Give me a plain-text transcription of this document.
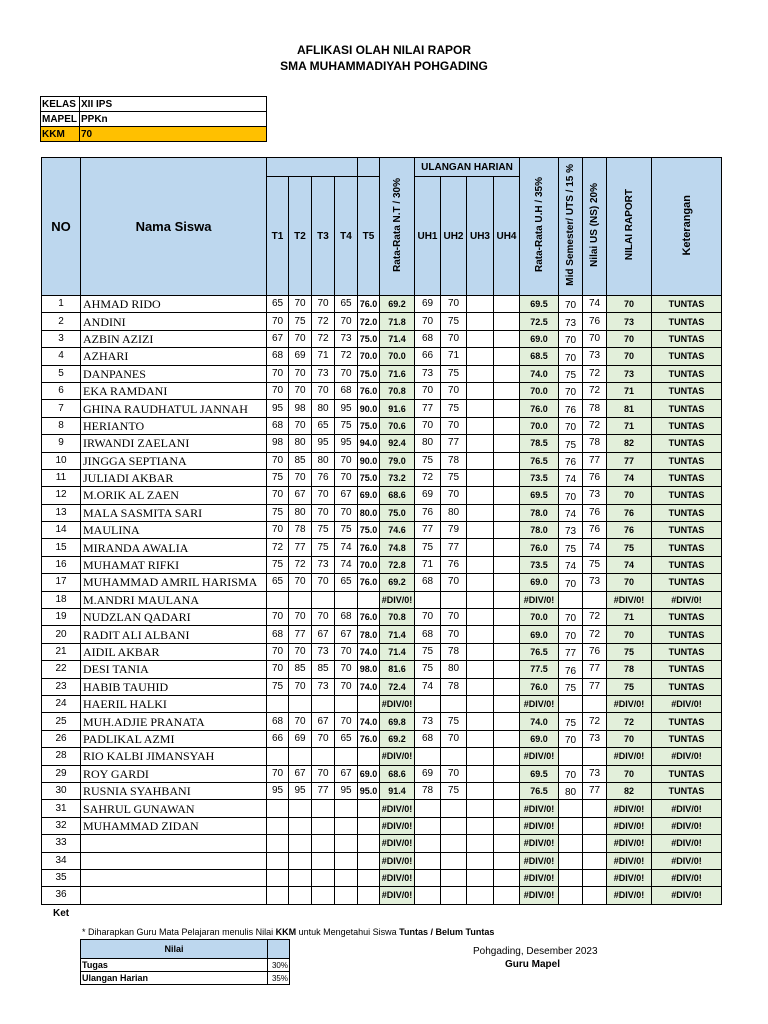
AFLIKASI OLAH NILAI RAPOR
SMA MUHAMMADIYAH POHGADING
KELAS	XII IPS
MAPEL	PPKn
KKM	70
NO	Nama Siswa						Rata-Rata N.T / 30%	ULANGAN HARIAN				Rata-Rata U.H / 35%	Mid Semester/ UTS / 15 %	Nilai US (NS) 20%	NILAI RAPORT	Keterangan
		T1	T2	T3	T4	T5		UH1	UH2	UH3	UH4					
1	AHMAD RIDO	65	70	70	65	76.0	69.2	69	70			69.5	70	74	70	TUNTAS
2	ANDINI	70	75	72	70	72.0	71.8	70	75			72.5	73	76	73	TUNTAS
3	AZBIN AZIZI	67	70	72	73	75.0	71.4	68	70			69.0	70	70	70	TUNTAS
4	AZHARI	68	69	71	72	70.0	70.0	66	71			68.5	70	73	70	TUNTAS
5	DANPANES	70	70	73	70	75.0	71.6	73	75			74.0	75	72	73	TUNTAS
6	EKA RAMDANI	70	70	70	68	76.0	70.8	70	70			70.0	70	72	71	TUNTAS
7	GHINA RAUDHATUL JANNAH	95	98	80	95	90.0	91.6	77	75			76.0	76	78	81	TUNTAS
8	HERIANTO	68	70	65	75	75.0	70.6	70	70			70.0	70	72	71	TUNTAS
9	IRWANDI ZAELANI	98	80	95	95	94.0	92.4	80	77			78.5	75	78	82	TUNTAS
10	JINGGA SEPTIANA	70	85	80	70	90.0	79.0	75	78			76.5	76	77	77	TUNTAS
11	JULIADI AKBAR	75	70	76	70	75.0	73.2	72	75			73.5	74	76	74	TUNTAS
12	M.ORIK AL ZAEN	70	67	70	67	69.0	68.6	69	70			69.5	70	73	70	TUNTAS
13	MALA SASMITA SARI	75	80	70	70	80.0	75.0	76	80			78.0	74	76	76	TUNTAS
14	MAULINA	70	78	75	75	75.0	74.6	77	79			78.0	73	76	76	TUNTAS
15	MIRANDA AWALIA	72	77	75	74	76.0	74.8	75	77			76.0	75	74	75	TUNTAS
16	MUHAMAT RIFKI	75	72	73	74	70.0	72.8	71	76			73.5	74	75	74	TUNTAS
17	MUHAMMAD AMRIL HARISMA	65	70	70	65	76.0	69.2	68	70			69.0	70	73	70	TUNTAS
18	M.ANDRI MAULANA						#DIV/0!					#DIV/0!			#DIV/0!	#DIV/0!
19	NUDZLAN QADARI	70	70	70	68	76.0	70.8	70	70			70.0	70	72	71	TUNTAS
20	RADIT ALI ALBANI	68	77	67	67	78.0	71.4	68	70			69.0	70	72	70	TUNTAS
21	AIDIL AKBAR	70	70	73	70	74.0	71.4	75	78			76.5	77	76	75	TUNTAS
22	DESI TANIA	70	85	85	70	98.0	81.6	75	80			77.5	76	77	78	TUNTAS
23	HABIB TAUHID	75	70	73	70	74.0	72.4	74	78			76.0	75	77	75	TUNTAS
24	HAERIL HALKI						#DIV/0!					#DIV/0!			#DIV/0!	#DIV/0!
25	MUH.ADJIE PRANATA	68	70	67	70	74.0	69.8	73	75			74.0	75	72	72	TUNTAS
26	PADLIKAL AZMI	66	69	70	65	76.0	69.2	68	70			69.0	70	73	70	TUNTAS
28	RIO KALBI JIMANSYAH						#DIV/0!					#DIV/0!			#DIV/0!	#DIV/0!
29	ROY GARDI	70	67	70	67	69.0	68.6	69	70			69.5	70	73	70	TUNTAS
30	RUSNIA SYAHBANI	95	95	77	95	95.0	91.4	78	75			76.5	80	77	82	TUNTAS
31	SAHRUL GUNAWAN						#DIV/0!					#DIV/0!			#DIV/0!	#DIV/0!
32	MUHAMMAD ZIDAN						#DIV/0!					#DIV/0!			#DIV/0!	#DIV/0!
33							#DIV/0!					#DIV/0!			#DIV/0!	#DIV/0!
34							#DIV/0!					#DIV/0!			#DIV/0!	#DIV/0!
35							#DIV/0!					#DIV/0!			#DIV/0!	#DIV/0!
36							#DIV/0!					#DIV/0!			#DIV/0!	#DIV/0!
Ket
* Diharapkan Guru Mata Pelajaran menulis Nilai KKM untuk Mengetahui Siswa Tuntas / Belum Tuntas
Nilai	
Tugas	30%
Ulangan Harian	35%
Pohgading, Desember 2023
Guru Mapel
